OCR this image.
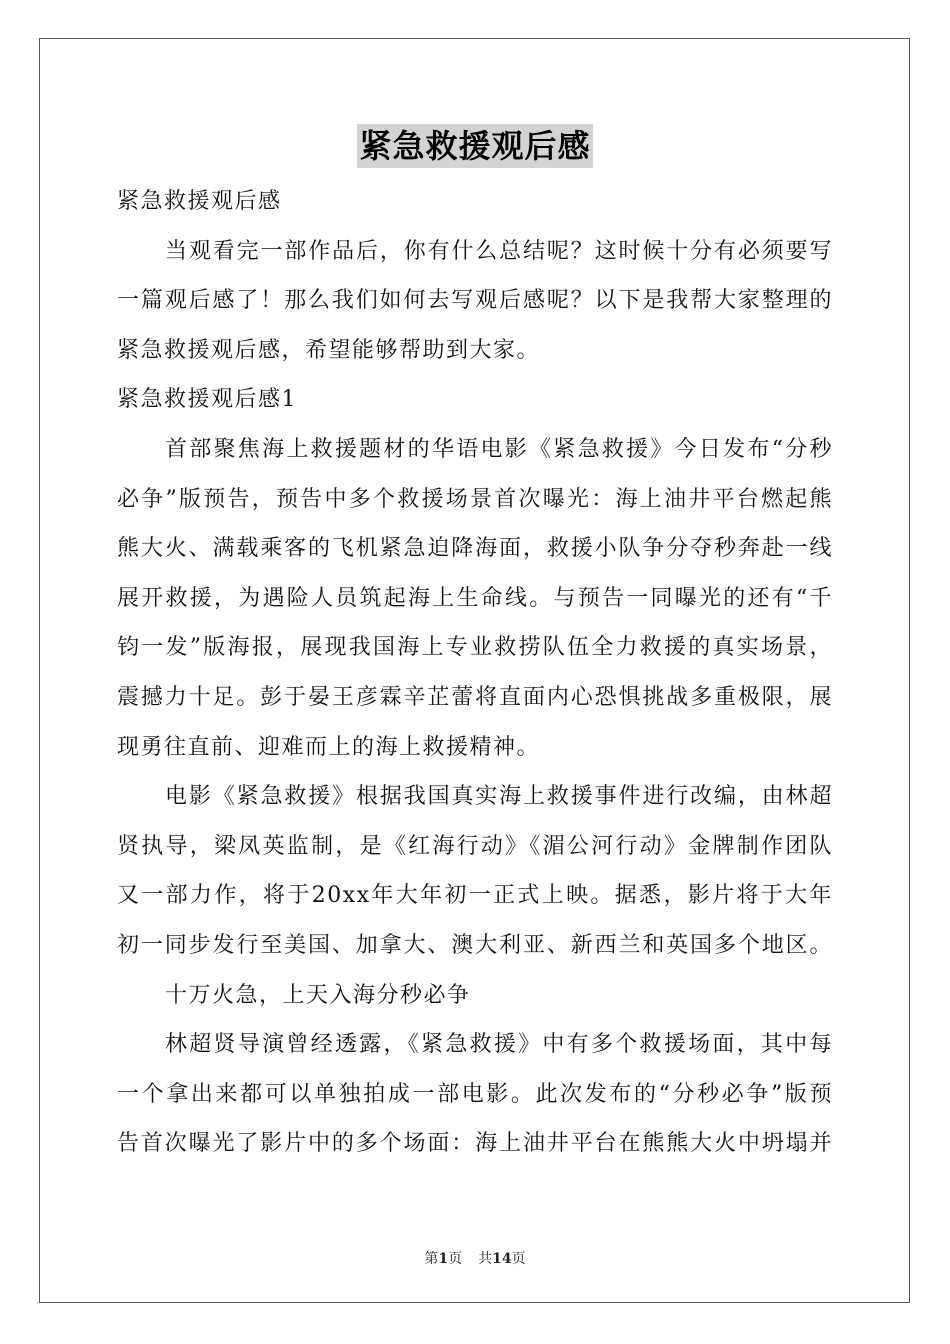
紧急救援观后感
紧急救援观后感
当观看完一部作品后，你有什么总结呢？这时候十分有必须要写
一篇观后感了！那么我们如何去写观后感呢？以下是我帮大家整理的
紧急救援观后感，希望能够帮助到大家。
紧急救援观后感1
首部聚焦海上救援题材的华语电影《紧急救援》今日发布“分秒
必争”版预告，预告中多个救援场景首次曝光：海上油井平台燃起熊
熊大火、满载乘客的飞机紧急迫降海面，救援小队争分夺秒奔赴一线
展开救援，为遇险人员筑起海上生命线。与预告一同曝光的还有“千
钧一发”版海报，展现我国海上专业救捞队伍全力救援的真实场景，
震撼力十足。彭于晏王彦霖辛芷蕾将直面内心恐惧挑战多重极限，展
现勇往直前、迎难而上的海上救援精神。
电影《紧急救援》根据我国真实海上救援事件进行改编，由林超
贤执导，梁凤英监制，是《红海行动》《湄公河行动》金牌制作团队
又一部力作，将于20xx年大年初一正式上映。据悉，影片将于大年
初一同步发行至美国、加拿大、澳大利亚、新西兰和英国多个地区。
十万火急，上天入海分秒必争
林超贤导演曾经透露，《紧急救援》中有多个救援场面，其中每
一个拿出来都可以单独拍成一部电影。此次发布的“分秒必争”版预
告首次曝光了影片中的多个场面：海上油井平台在熊熊大火中坍塌并
第1页 共14页
